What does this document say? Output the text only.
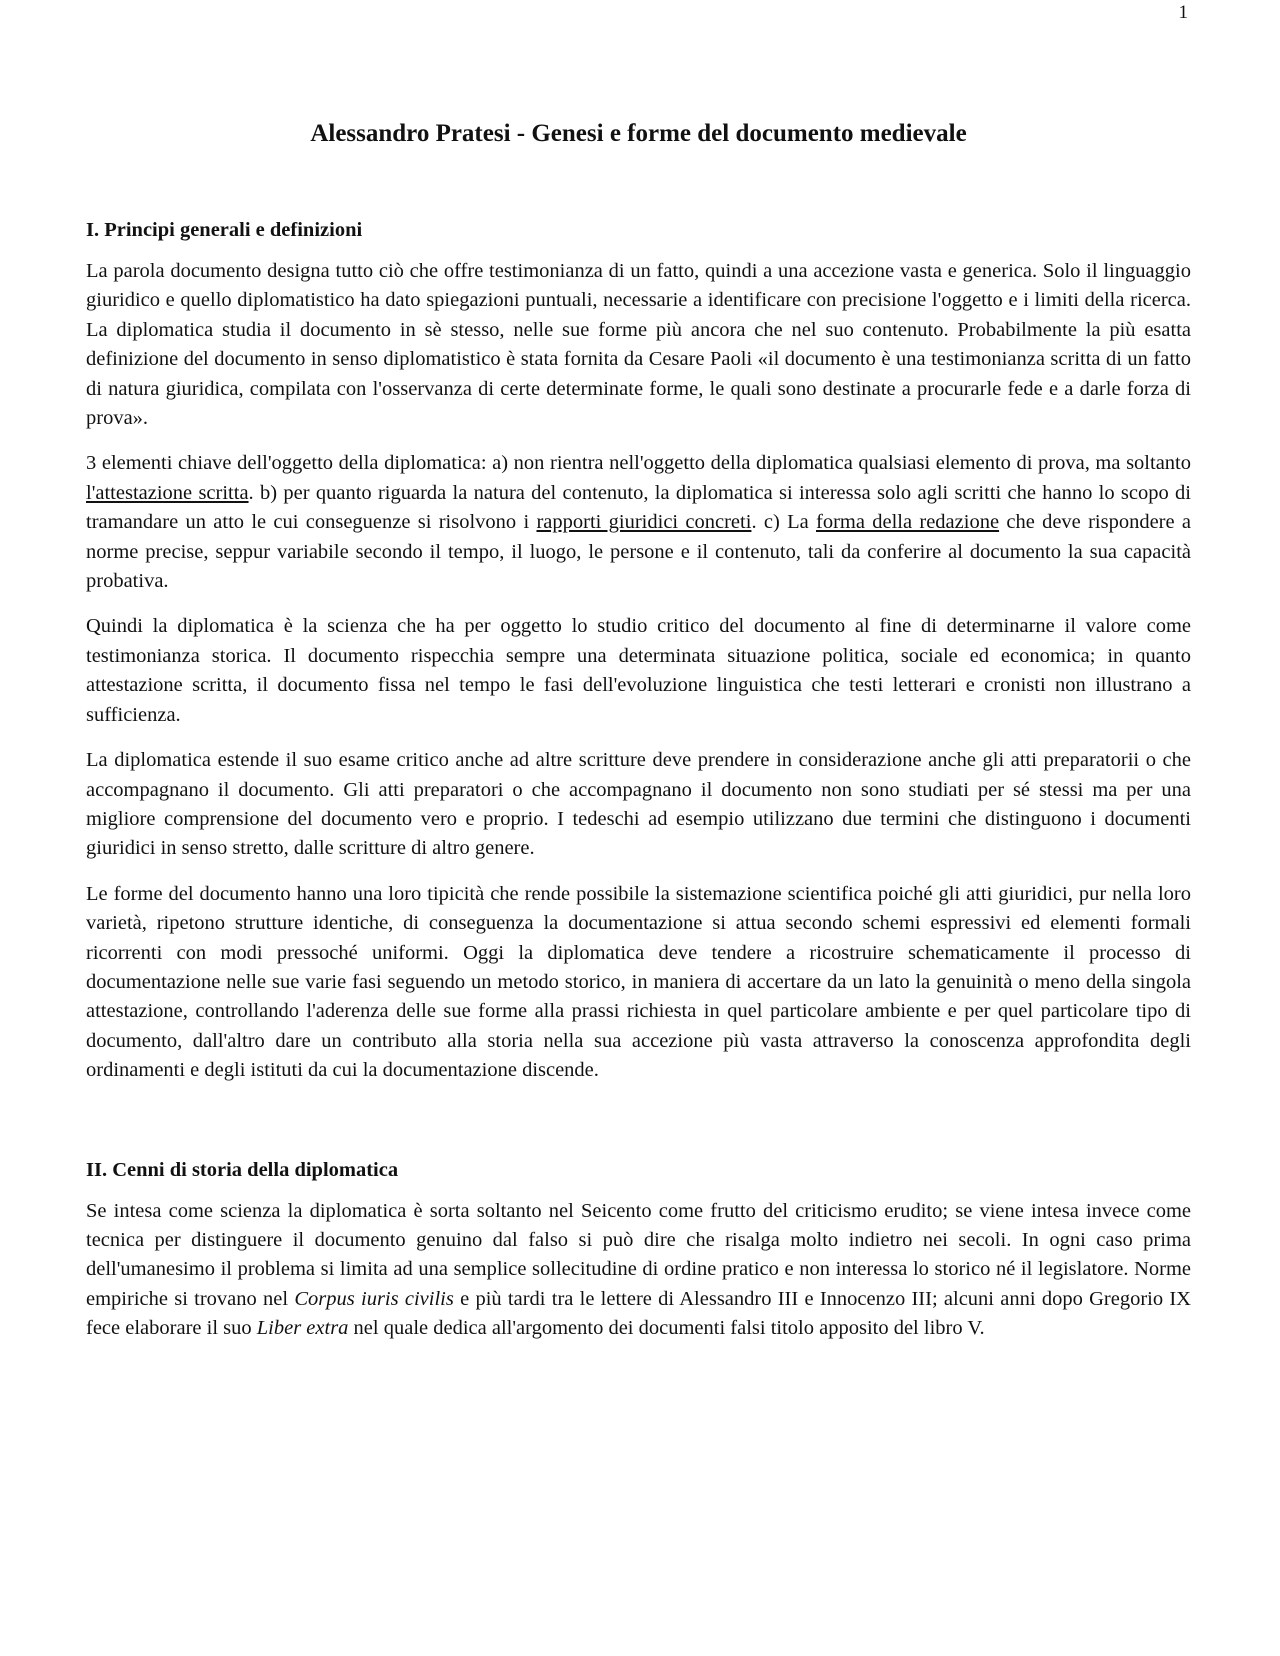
1
Alessandro Pratesi - Genesi e forme del documento medievale
I. Principi generali e definizioni

La parola documento designa tutto ciò che offre testimonianza di un fatto, quindi a una accezione vasta e generica. Solo il linguaggio giuridico e quello diplomatistico ha dato spiegazioni puntuali, necessarie a identificare con precisione l'oggetto e i limiti della ricerca. La diplomatica studia il documento in sè stesso, nelle sue forme più ancora che nel suo contenuto. Probabilmente la più esatta definizione del documento in senso diplomatistico è stata fornita da Cesare Paoli «il documento è una testimonianza scritta di un fatto di natura giuridica, compilata con l'osservanza di certe determinate forme, le quali sono destinate a procurarle fede e a darle forza di prova».

3 elementi chiave dell'oggetto della diplomatica: a) non rientra nell'oggetto della diplomatica qualsiasi elemento di prova, ma soltanto l'attestazione scritta. b) per quanto riguarda la natura del contenuto, la diplomatica si interessa solo agli scritti che hanno lo scopo di tramandare un atto le cui conseguenze si risolvono i rapporti giuridici concreti. c) La forma della redazione che deve rispondere a norme precise, seppur variabile secondo il tempo, il luogo, le persone e il contenuto, tali da conferire al documento la sua capacità probativa.

Quindi la diplomatica è la scienza che ha per oggetto lo studio critico del documento al fine di determinarne il valore come testimonianza storica. Il documento rispecchia sempre una determinata situazione politica, sociale ed economica; in quanto attestazione scritta, il documento fissa nel tempo le fasi dell'evoluzione linguistica che testi letterari e cronisti non illustrano a sufficienza.

La diplomatica estende il suo esame critico anche ad altre scritture deve prendere in considerazione anche gli atti preparatorii o che accompagnano il documento. Gli atti preparatori o che accompagnano il documento non sono studiati per sé stessi ma per una migliore comprensione del documento vero e proprio. I tedeschi ad esempio utilizzano due termini che distinguono i documenti giuridici in senso stretto, dalle scritture di altro genere.

Le forme del documento hanno una loro tipicità che rende possibile la sistemazione scientifica poiché gli atti giuridici, pur nella loro varietà, ripetono strutture identiche, di conseguenza la documentazione si attua secondo schemi espressivi ed elementi formali ricorrenti con modi pressoché uniformi. Oggi la diplomatica deve tendere a ricostruire schematicamente il processo di documentazione nelle sue varie fasi seguendo un metodo storico, in maniera di accertare da un lato la genuinità o meno della singola attestazione, controllando l'aderenza delle sue forme alla prassi richiesta in quel particolare ambiente e per quel particolare tipo di documento, dall'altro dare un contributo alla storia nella sua accezione più vasta attraverso la conoscenza approfondita degli ordinamenti e degli istituti da cui la documentazione discende.

II. Cenni di storia della diplomatica

Se intesa come scienza la diplomatica è sorta soltanto nel Seicento come frutto del criticismo erudito; se viene intesa invece come tecnica per distinguere il documento genuino dal falso si può dire che risalga molto indietro nei secoli. In ogni caso prima dell'umanesimo il problema si limita ad una semplice sollecitudine di ordine pratico e non interessa lo storico né il legislatore. Norme empiriche si trovano nel Corpus iuris civilis e più tardi tra le lettere di Alessandro III e Innocenzo III; alcuni anni dopo Gregorio IX fece elaborare il suo Liber extra nel quale dedica all'argomento dei documenti falsi titolo apposito del libro V.
